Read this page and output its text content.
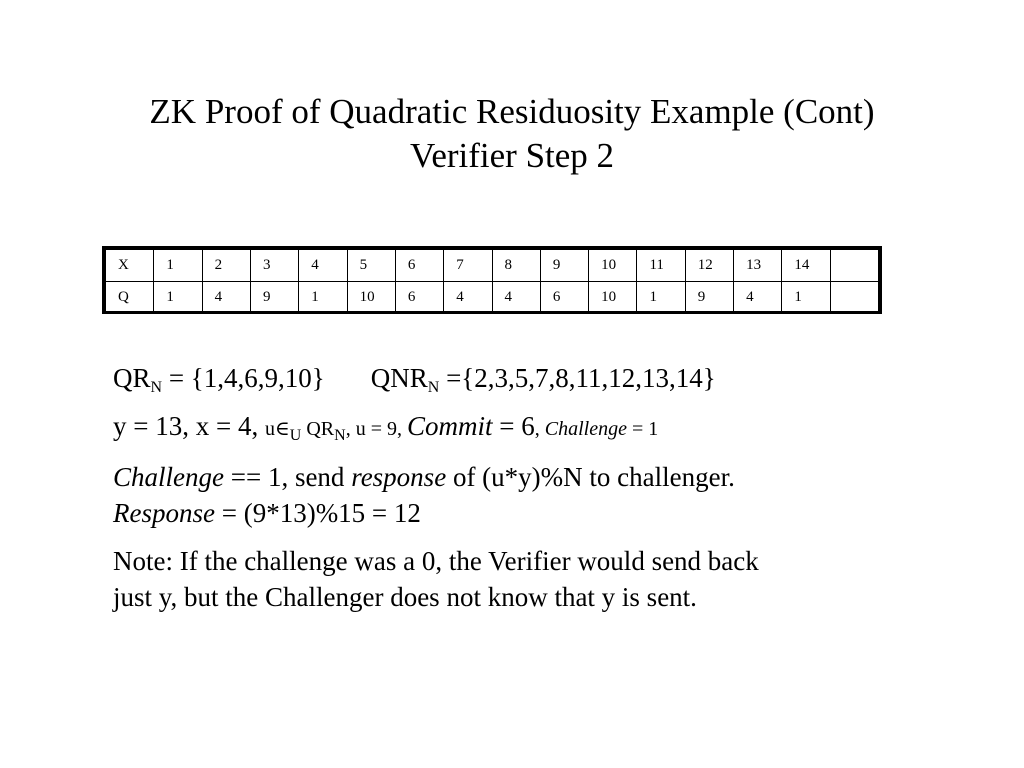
ZK Proof of Quadratic Residuosity Example (Cont)
Verifier Step 2
X	1	2	3	4	5	6	7	8	9	10	11	12	13	14	
Q	1	4	9	1	10	6	4	4	6	10	1	9	4	1	
$QR_N = \{1,4,6,9,10\}$ $QNR_N =\{2,3,5,7,8,11,12,13,14\}$
y = 13, x = 4, $u\in_U$ $QR_N$, u = 9, Commit = 6, Challenge = 1
Challenge == 1, send response of (u*y)%N to challenger.
Response = (9*13)%15 = 12
Note: If the challenge was a 0, the Verifier would send back
just y, but the Challenger does not know that y is sent.
